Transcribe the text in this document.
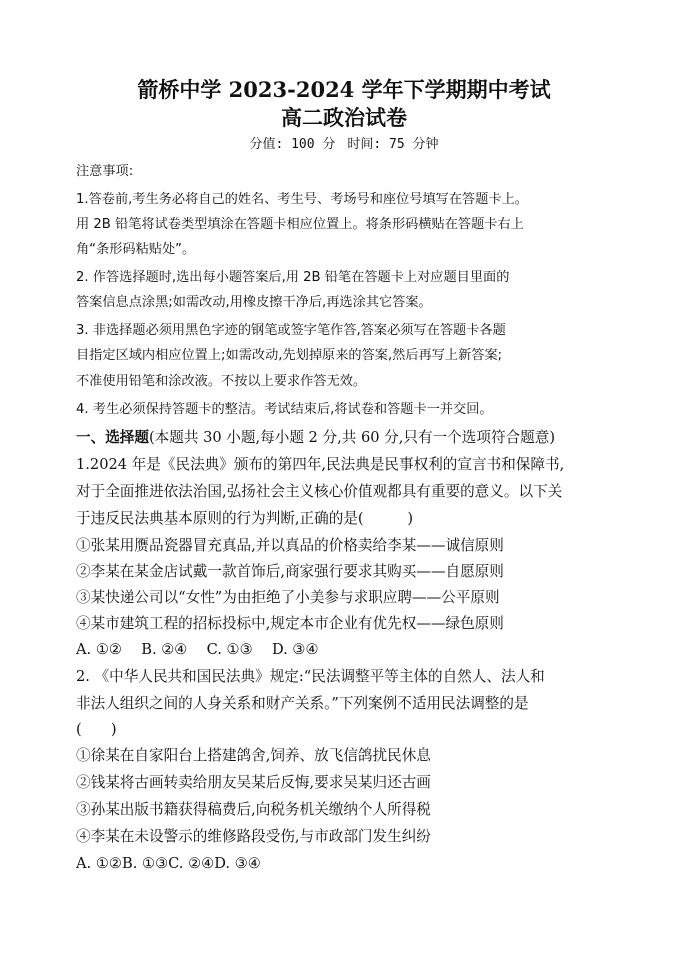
箭桥中学 2023-2024 学年下学期期中考试
高二政治试卷
分值: 100 分 时间: 75 分钟
注意事项:
1.答卷前,考生务必将自己的姓名、考生号、考场号和座位号填写在答题卡上。
用 2B 铅笔将试卷类型填涂在答题卡相应位置上。将条形码横贴在答题卡右上
角“条形码粘贴处”。
2. 作答选择题时,选出每小题答案后,用 2B 铅笔在答题卡上对应题目里面的
答案信息点涂黑;如需改动,用橡皮擦干净后,再选涂其它答案。
3. 非选择题必须用黑色字迹的钢笔或签字笔作答,答案必须写在答题卡各题
目指定区域内相应位置上;如需改动,先划掉原来的答案,然后再写上新答案;
不准使用铅笔和涂改液。不按以上要求作答无效。
4. 考生必须保持答题卡的整洁。考试结束后,将试卷和答题卡一并交回。
一、选择题(本题共 30 小题,每小题 2 分,共 60 分,只有一个选项符合题意)
1.2024 年是《民法典》颁布的第四年,民法典是民事权利的宣言书和保障书,
对于全面推进依法治国,弘扬社会主义核心价值观都具有重要的意义。以下关
于违反民法典基本原则的行为判断,正确的是(　　　)
①张某用赝品瓷器冒充真品,并以真品的价格卖给李某——诚信原则
②李某在某金店试戴一款首饰后,商家强行要求其购买——自愿原则
③某快递公司以“女性”为由拒绝了小美参与求职应聘——公平原则
④某市建筑工程的招标投标中,规定本市企业有优先权——绿色原则
A. ①②　 B. ②④　 C. ①③　 D. ③④
2. 《中华人民共和国民法典》规定:“民法调整平等主体的自然人、法人和
非法人组织之间的人身关系和财产关系。”下列案例不适用民法调整的是
(　　)
①徐某在自家阳台上搭建鸽舍,饲养、放飞信鸽扰民休息
②钱某将古画转卖给朋友吴某后反悔,要求吴某归还古画
③孙某出版书籍获得稿费后,向税务机关缴纳个人所得税
④李某在未设警示的维修路段受伤,与市政部门发生纠纷
A. ①②B. ①③C. ②④D. ③④
